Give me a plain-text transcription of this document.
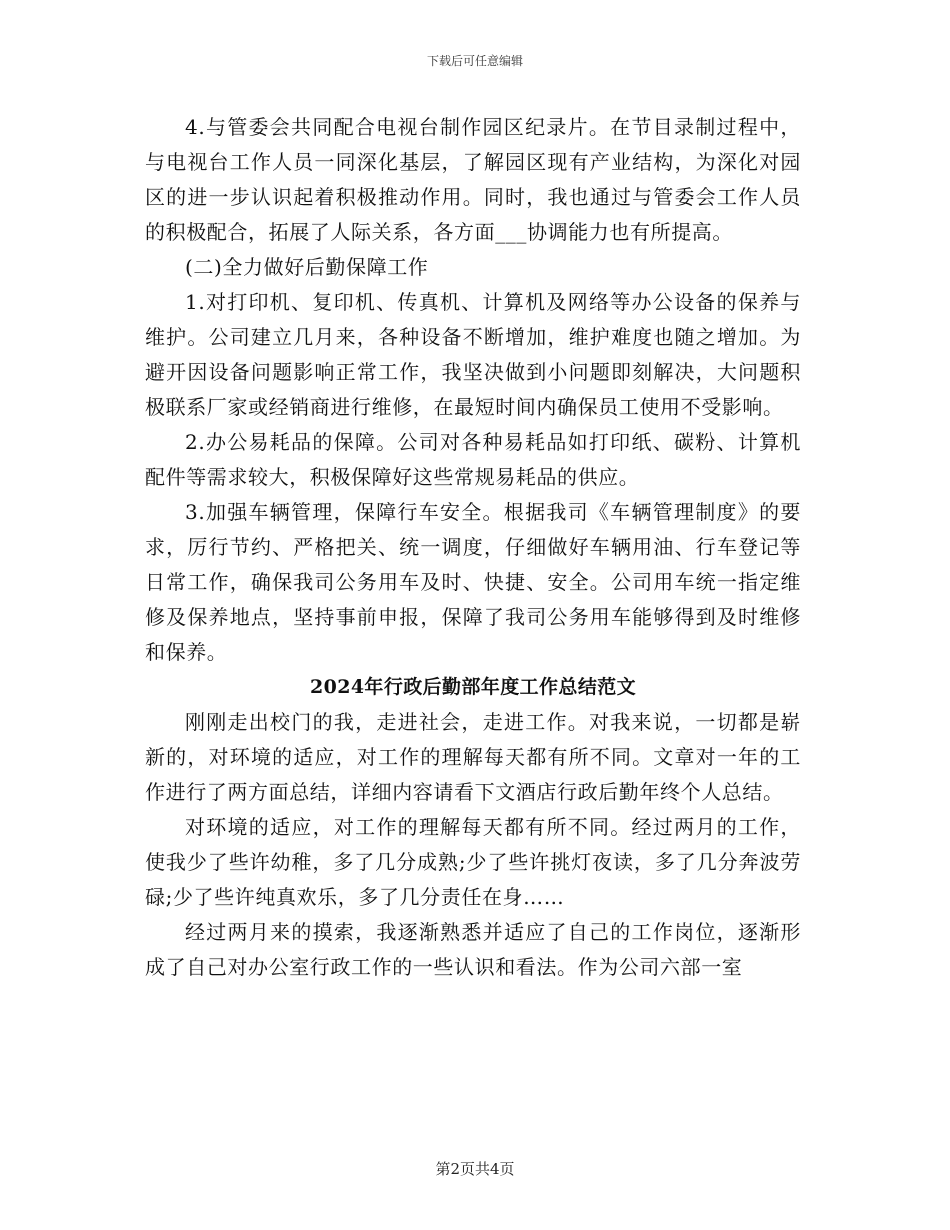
下载后可任意编辑

4.与管委会共同配合电视台制作园区纪录片。在节目录制过程中，与电视台工作人员一同深化基层，了解园区现有产业结构，为深化对园区的进一步认识起着积极推动作用。同时，我也通过与管委会工作人员的积极配合，拓展了人际关系，各方面___协调能力也有所提高。

(二)全力做好后勤保障工作

1.对打印机、复印机、传真机、计算机及网络等办公设备的保养与维护。公司建立几月来，各种设备不断增加，维护难度也随之增加。为避开因设备问题影响正常工作，我坚决做到小问题即刻解决，大问题积极联系厂家或经销商进行维修，在最短时间内确保员工使用不受影响。

2.办公易耗品的保障。公司对各种易耗品如打印纸、碳粉、计算机配件等需求较大，积极保障好这些常规易耗品的供应。

3.加强车辆管理，保障行车安全。根据我司《车辆管理制度》的要求，厉行节约、严格把关、统一调度，仔细做好车辆用油、行车登记等日常工作，确保我司公务用车及时、快捷、安全。公司用车统一指定维修及保养地点，坚持事前申报，保障了我司公务用车能够得到及时维修和保养。

2024年行政后勤部年度工作总结范文

刚刚走出校门的我，走进社会，走进工作。对我来说，一切都是崭新的，对环境的适应，对工作的理解每天都有所不同。文章对一年的工作进行了两方面总结，详细内容请看下文酒店行政后勤年终个人总结。

对环境的适应，对工作的理解每天都有所不同。经过两月的工作，使我少了些许幼稚，多了几分成熟;少了些许挑灯夜读，多了几分奔波劳碌;少了些许纯真欢乐，多了几分责任在身……

经过两月来的摸索，我逐渐熟悉并适应了自己的工作岗位，逐渐形成了自己对办公室行政工作的一些认识和看法。作为公司六部一室

第2页共4页
